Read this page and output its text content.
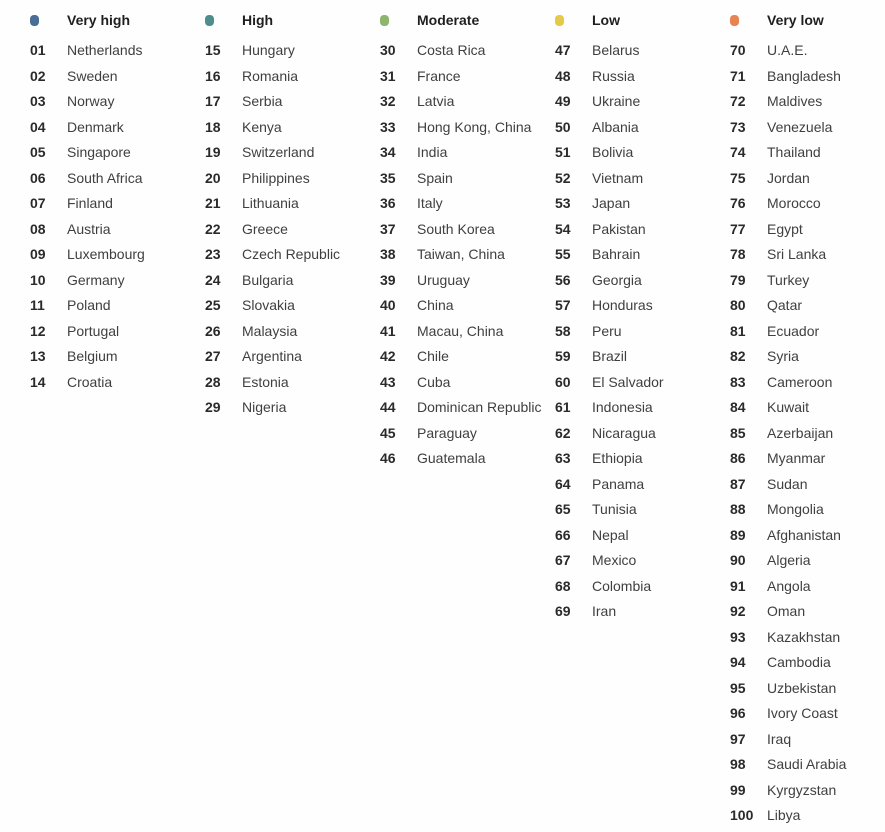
Very high
01	Netherlands
02	Sweden
03	Norway
04	Denmark
05	Singapore
06	South Africa
07	Finland
08	Austria
09	Luxembourg
10	Germany
11	Poland
12	Portugal
13	Belgium
14	Croatia
High
15	Hungary
16	Romania
17	Serbia
18	Kenya
19	Switzerland
20	Philippines
21	Lithuania
22	Greece
23	Czech Republic
24	Bulgaria
25	Slovakia
26	Malaysia
27	Argentina
28	Estonia
29	Nigeria
Moderate
30	Costa Rica
31	France
32	Latvia
33	Hong Kong, China
34	India
35	Spain
36	Italy
37	South Korea
38	Taiwan, China
39	Uruguay
40	China
41	Macau, China
42	Chile
43	Cuba
44	Dominican Republic
45	Paraguay
46	Guatemala
Low
47	Belarus
48	Russia
49	Ukraine
50	Albania
51	Bolivia
52	Vietnam
53	Japan
54	Pakistan
55	Bahrain
56	Georgia
57	Honduras
58	Peru
59	Brazil
60	El Salvador
61	Indonesia
62	Nicaragua
63	Ethiopia
64	Panama
65	Tunisia
66	Nepal
67	Mexico
68	Colombia
69	Iran
Very low
70	U.A.E.
71	Bangladesh
72	Maldives
73	Venezuela
74	Thailand
75	Jordan
76	Morocco
77	Egypt
78	Sri Lanka
79	Turkey
80	Qatar
81	Ecuador
82	Syria
83	Cameroon
84	Kuwait
85	Azerbaijan
86	Myanmar
87	Sudan
88	Mongolia
89	Afghanistan
90	Algeria
91	Angola
92	Oman
93	Kazakhstan
94	Cambodia
95	Uzbekistan
96	Ivory Coast
97	Iraq
98	Saudi Arabia
99	Kyrgyzstan
100 Libya
